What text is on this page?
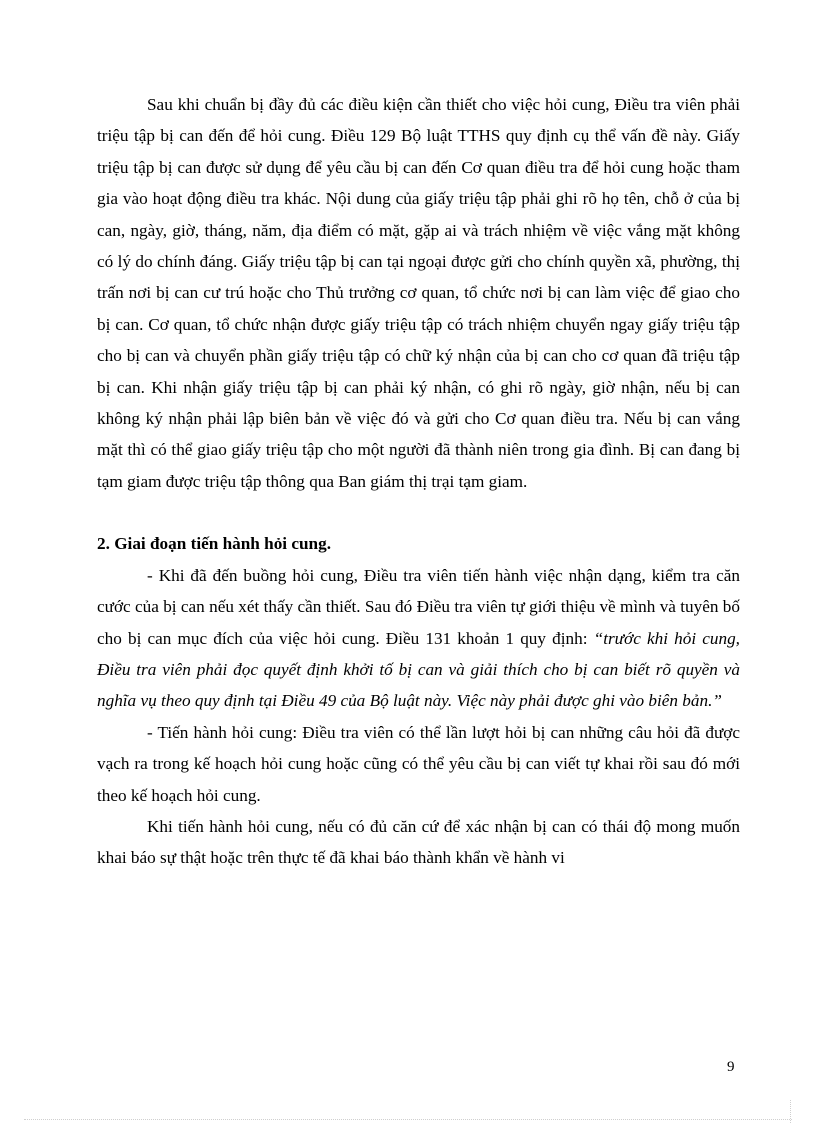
Sau khi chuẩn bị đầy đủ các điều kiện cần thiết cho việc hỏi cung, Điều tra viên phải triệu tập bị can đến để hỏi cung. Điều 129 Bộ luật TTHS quy định cụ thể vấn đề này. Giấy triệu tập bị can được sử dụng để yêu cầu bị can đến Cơ quan điều tra để hỏi cung hoặc tham gia vào hoạt động điều tra khác. Nội dung của giấy triệu tập phải ghi rõ họ tên, chỗ ở của bị can, ngày, giờ, tháng, năm, địa điểm có mặt, gặp ai và trách nhiệm về việc vắng mặt không có lý do chính đáng. Giấy triệu tập bị can tại ngoại được gửi cho chính quyền xã, phường, thị trấn nơi bị can cư trú hoặc cho Thủ trưởng cơ quan, tổ chức nơi bị can làm việc để giao cho bị can. Cơ quan, tổ chức nhận được giấy triệu tập có trách nhiệm chuyển ngay giấy triệu tập cho bị can và chuyển phần giấy triệu tập có chữ ký nhận của bị can cho cơ quan đã triệu tập bị can. Khi nhận giấy triệu tập bị can phải ký nhận, có ghi rõ ngày, giờ nhận, nếu bị can không ký nhận phải lập biên bản về việc đó và gửi cho Cơ quan điều tra. Nếu bị can vắng mặt thì có thể giao giấy triệu tập cho một người đã thành niên trong gia đình. Bị can đang bị tạm giam được triệu tập thông qua Ban giám thị trại tạm giam.

2. Giai đoạn tiến hành hỏi cung.

- Khi đã đến buồng hỏi cung, Điều tra viên tiến hành việc nhận dạng, kiểm tra căn cước của bị can nếu xét thấy cần thiết. Sau đó Điều tra viên tự giới thiệu về mình và tuyên bố cho bị can mục đích của việc hỏi cung. Điều 131 khoản 1 quy định: “trước khi hỏi cung, Điều tra viên phải đọc quyết định khởi tố bị can và giải thích cho bị can biết rõ quyền và nghĩa vụ theo quy định tại Điều 49 của Bộ luật này. Việc này phải được ghi vào biên bản.”

- Tiến hành hỏi cung: Điều tra viên có thể lần lượt hỏi bị can những câu hỏi đã được vạch ra trong kế hoạch hỏi cung hoặc cũng có thể yêu cầu bị can viết tự khai rồi sau đó mới theo kế hoạch hỏi cung.

Khi tiến hành hỏi cung, nếu có đủ căn cứ để xác nhận bị can có thái độ mong muốn khai báo sự thật hoặc trên thực tế đã khai báo thành khẩn về hành vi

9
